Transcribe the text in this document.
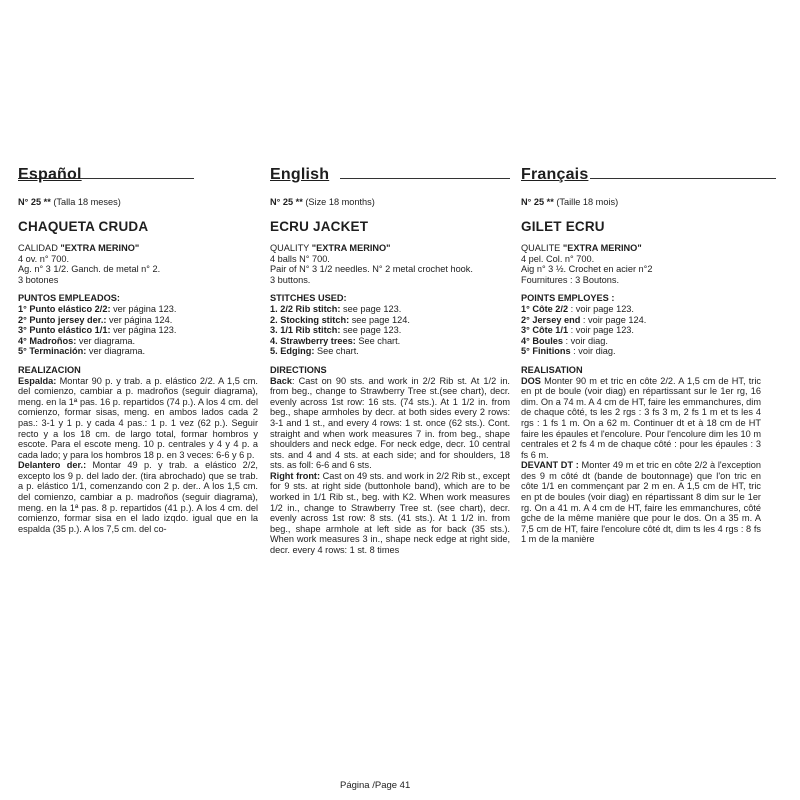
Español
N° 25 ** (Talla 18 meses)
CHAQUETA CRUDA
CALIDAD "EXTRA MERINO"
4 ov. n° 700.
Ag. n° 3 1/2. Ganch. de metal n° 2.
3 botones
PUNTOS EMPLEADOS:
1° Punto elástico 2/2: ver página 123.
2° Punto jersey der.: ver página 124.
3° Punto elástico 1/1: ver página 123.
4° Madroños: ver diagrama.
5° Terminación: ver diagrama.
REALIZACION
Espalda: Montar 90 p. y trab. a p. elástico 2/2. A 1,5 cm. del comienzo, cambiar a p. madroños (seguir diagrama), meng. en la 1ª pas. 16 p. repartidos (74 p.). A los 4 cm. del comienzo, formar sisas, meng. en ambos lados cada 2 pas.: 3-1 y 1 p. y cada 4 pas.: 1 p. 1 vez (62 p.). Seguir recto y a los 18 cm. de largo total, formar hombros y escote. Para el escote meng. 10 p. centrales y 4 y 4 p. a cada lado; y para los hombros 18 p. en 3 veces: 6-6 y 6 p.
Delantero der.: Montar 49 p. y trab. a elástico 2/2, excepto los 9 p. del lado der. (tira abrochado) que se trab. a p. elástico 1/1, comenzando con 2 p. der.. A los 1,5 cm. del comienzo, cambiar a p. madroños (seguir diagrama), meng. en la 1ª pas. 8 p. repartidos (41 p.). A los 4 cm. del comienzo, formar sisa en el lado izqdo. igual que en la espalda (35 p.). A los 7,5 cm. del co-
English
N° 25 ** (Size 18 months)
ECRU JACKET
QUALITY "EXTRA MERINO"
4 balls N° 700.
Pair of N° 3 1/2 needles. N° 2 metal crochet hook.
3 buttons.
STITCHES USED:
1. 2/2 Rib stitch: see page 123.
2. Stocking stitch: see page 124.
3. 1/1 Rib stitch: see page 123.
4. Strawberry trees: See chart.
5. Edging: See chart.
DIRECTIONS
Back: Cast on 90 sts. and work in 2/2 Rib st. At 1/2 in. from beg., change to Strawberry Tree st.(see chart), decr. evenly across 1st row: 16 sts. (74 sts.). At 1 1/2 in. from beg., shape armholes by decr. at both sides every 2 rows: 3-1 and 1 st., and every 4 rows: 1 st. once (62 sts.). Cont. straight and when work measures 7 in. from beg., shape shoulders and neck edge. For neck edge, decr. 10 central sts. and 4 and 4 sts. at each side; and for shoulders, 18 sts. as foll: 6-6 and 6 sts.
Right front: Cast on 49 sts. and work in 2/2 Rib st., except for 9 sts. at right side (buttonhole band), which are to be worked in 1/1 Rib st., beg. with K2. When work measures 1/2 in., change to Strawberry Tree st. (see chart), decr. evenly across 1st row: 8 sts. (41 sts.). At 1 1/2 in. from beg., shape armhole at left side as for back (35 sts.). When work measures 3 in., shape neck edge at right side, decr. every 4 rows: 1 st. 8 times
Français
N° 25 ** (Taille 18 mois)
GILET ECRU
QUALITE "EXTRA MERINO"
4 pel. Col. n° 700.
Aig n° 3 ½. Crochet en acier n°2
Fournitures : 3 Boutons.
POINTS EMPLOYES :
1° Côte 2/2 : voir page 123.
2° Jersey end : voir page 124.
3° Côte 1/1 : voir page 123.
4° Boules : voir diag.
5° Finitions : voir diag.
REALISATION
DOS Monter 90 m et tric en côte 2/2. A 1,5 cm de HT, tric en pt de boule (voir diag) en répartissant sur le 1er rg, 16 dim. On a 74 m. A 4 cm de HT, faire les emmanchures, dim de chaque côté, ts les 2 rgs : 3 fs 3 m, 2 fs 1 m et ts les 4 rgs : 1 fs 1 m. On a 62 m. Continuer dt et à 18 cm de HT faire les épaules et l'encolure. Pour l'encolure dim les 10 m centrales et 2 fs 4 m de chaque côté : pour les épaules : 3 fs 6 m.
DEVANT DT : Monter 49 m et tric en côte 2/2 à l'exception des 9 m côté dt (bande de boutonnage) que l'on tric en côte 1/1 en commençant par 2 m en. A 1,5 cm de HT, tric en pt de boules (voir diag) en répartissant 8 dim sur le 1er rg. On a 41 m. A 4 cm de HT, faire les emmanchures, côté gche de la même manière que pour le dos. On a 35 m. A 7,5 cm de HT, faire l'encolure côté dt, dim ts les 4 rgs : 8 fs 1 m de la manière
Página /Page 41
